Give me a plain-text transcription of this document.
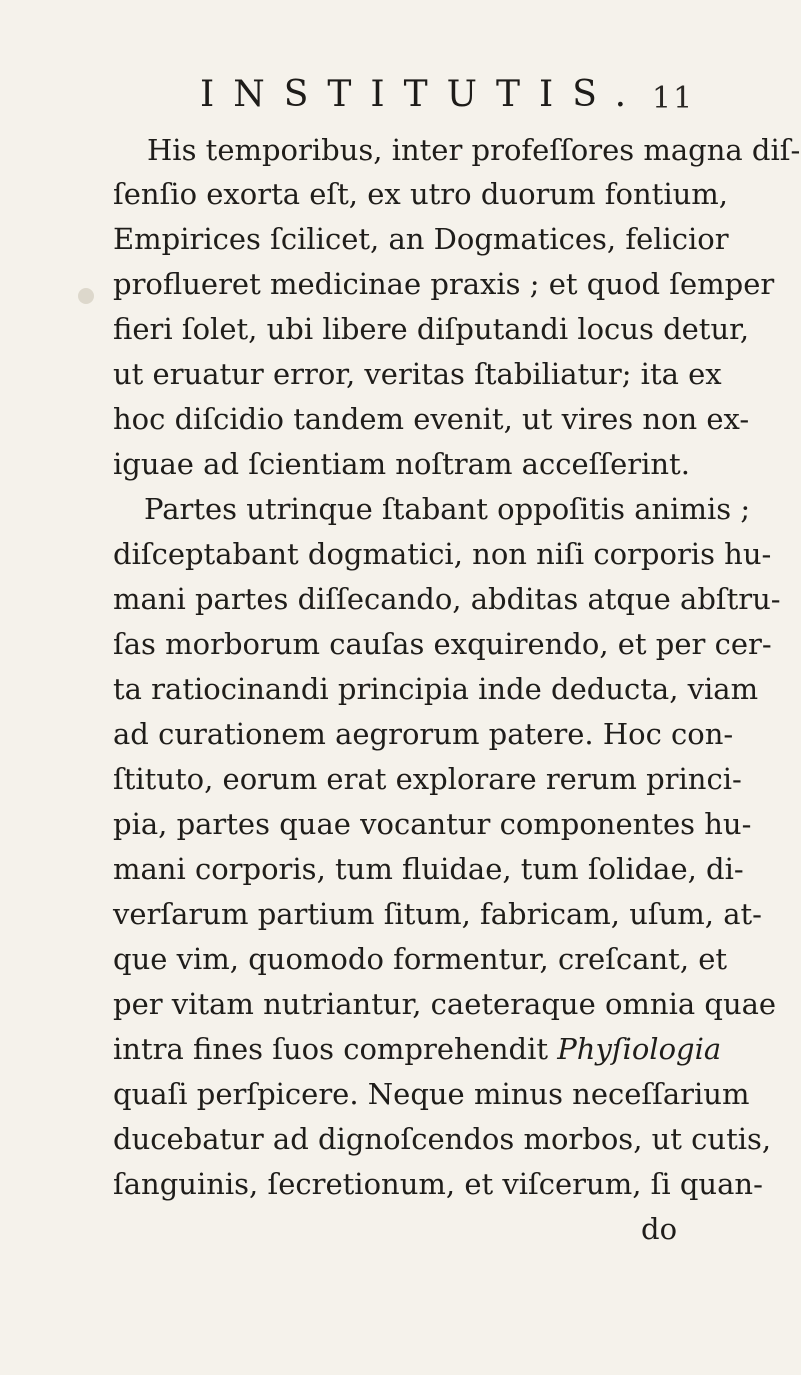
INSTITUTIS. 11
His temporibus, inter profeſſores magna diſ-
ſenſio exorta eſt, ex utro duorum fontium,
Empirices ſcilicet, an Dogmatices, felicior
proflueret medicinae praxis ; et quod ſemper
fieri ſolet, ubi libere diſputandi locus detur,
ut eruatur error, veritas ſtabiliatur; ita ex
hoc diſcidio tandem evenit, ut vires non ex-
iguae ad ſcientiam noſtram acceſſerint.
Partes utrinque ſtabant oppoſitis animis ;
diſceptabant dogmatici, non niſi corporis hu-
mani partes diſſecando, abditas atque abſtru-
ſas morborum cauſas exquirendo, et per cer-
ta ratiocinandi principia inde deducta, viam
ad curationem aegrorum patere. Hoc con-
ſtituto, eorum erat explorare rerum princi-
pia, partes quae vocantur componentes hu-
mani corporis, tum fluidae, tum ſolidae, di-
verſarum partium ſitum, fabricam, uſum, at-
que vim, quomodo formentur, creſcant, et
per vitam nutriantur, caeteraque omnia quae
intra fines ſuos comprehendit Phyſiologia
quaſi perſpicere. Neque minus neceſſarium
ducebatur ad dignoſcendos morbos, ut cutis,
ſanguinis, ſecretionum, et viſcerum, ſi quan-
do
